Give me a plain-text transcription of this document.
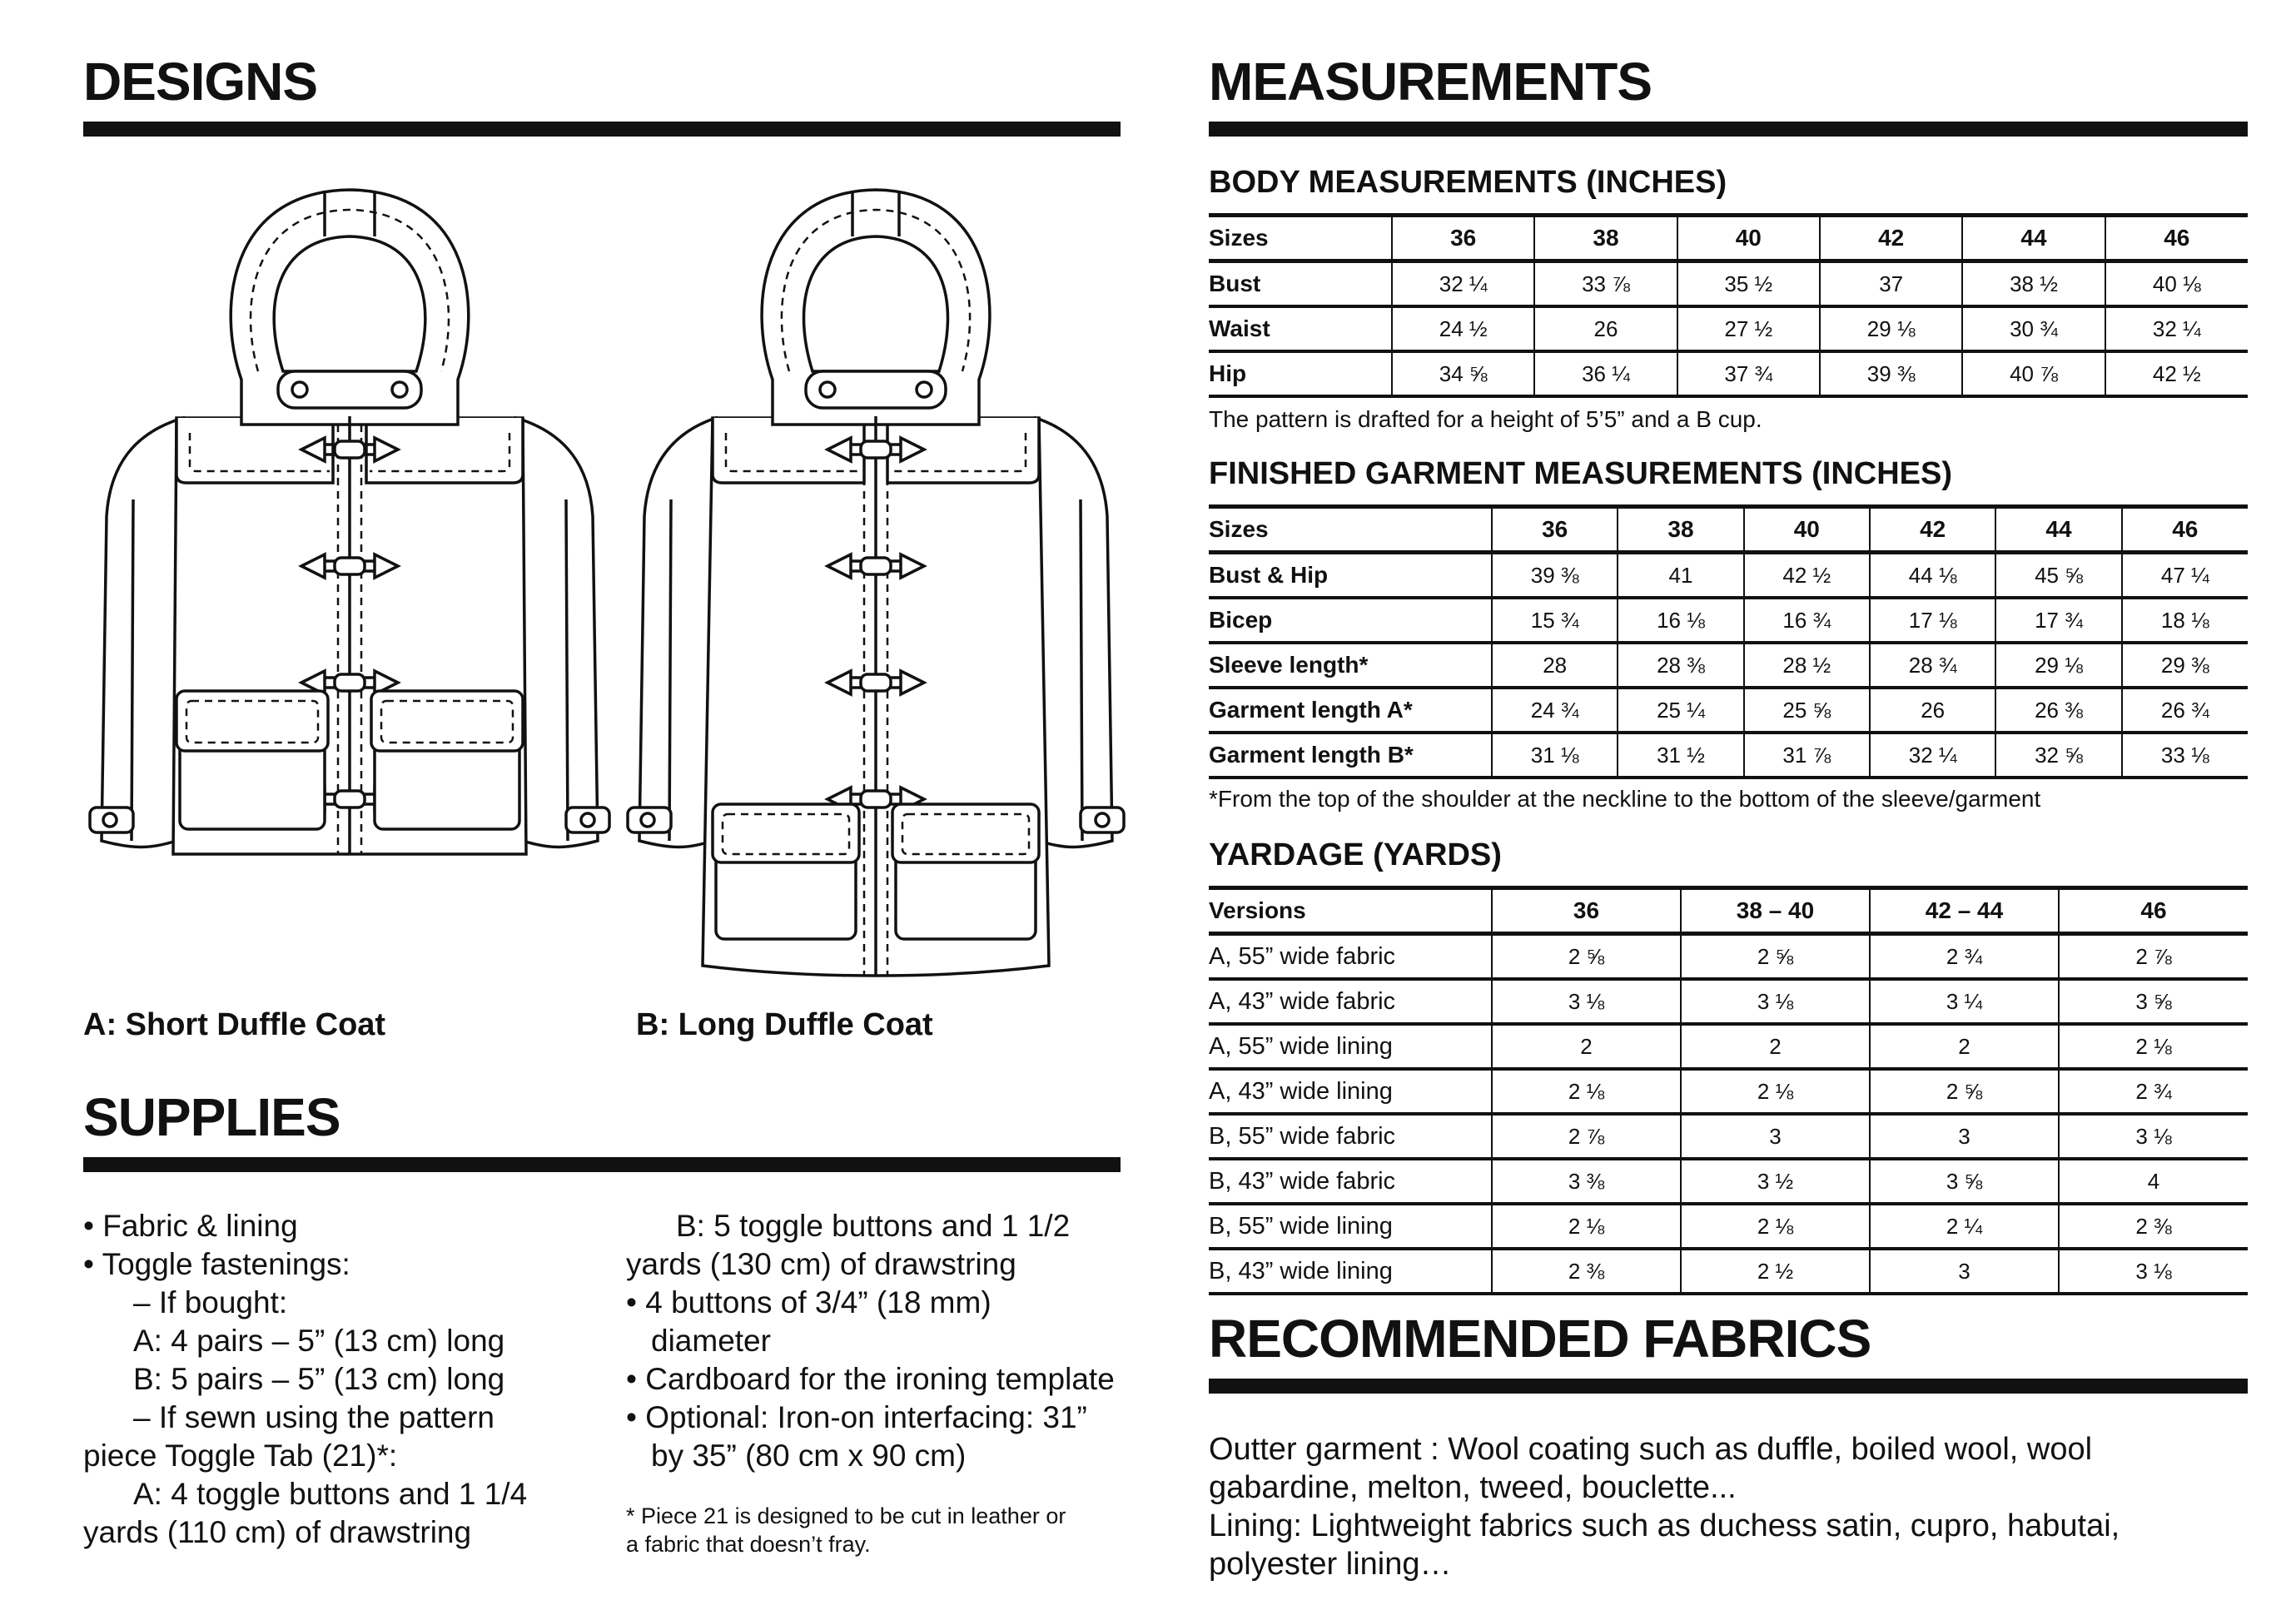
DESIGNS
A: Short Duffle Coat	B: Long Duffle Coat
SUPPLIES
• Fabric & lining
• Toggle fastenings:
– If bought:
A: 4 pairs – 5” (13 cm) long
B: 5 pairs – 5” (13 cm) long
– If sewn using the pattern
piece Toggle Tab (21)*:
A: 4 toggle buttons and 1 1/4
yards (110 cm) of drawstring
B: 5 toggle buttons and 1 1/2
yards (130 cm) of drawstring
• 4 buttons of 3/4” (18 mm)
diameter
• Cardboard for the ironing template
• Optional: Iron-on interfacing: 31”
by 35” (80 cm x 90 cm)
* Piece 21 is designed to be cut in leather or
a fabric that doesn’t fray.
MEASUREMENTS
BODY MEASUREMENTS (INCHES)
Sizes	36	38	40	42	44	46
Bust	32 ¼	33 ⅞	35 ½	37	38 ½	40 ⅛
Waist	24 ½	26	27 ½	29 ⅛	30 ¾	32 ¼
Hip	34 ⅝	36 ¼	37 ¾	39 ⅜	40 ⅞	42 ½
The pattern is drafted for a height of 5’5” and a B cup.
FINISHED GARMENT MEASUREMENTS (INCHES)
Sizes	36	38	40	42	44	46
Bust & Hip	39 ⅜	41	42 ½	44 ⅛	45 ⅝	47 ¼
Bicep	15 ¾	16 ⅛	16 ¾	17 ⅛	17 ¾	18 ⅛
Sleeve length*	28	28 ⅜	28 ½	28 ¾	29 ⅛	29 ⅜
Garment length A*	24 ¾	25 ¼	25 ⅝	26	26 ⅜	26 ¾
Garment length B*	31 ⅛	31 ½	31 ⅞	32 ¼	32 ⅝	33 ⅛
*From the top of the shoulder at the neckline to the bottom of the sleeve/garment
YARDAGE (YARDS)
Versions	36	38 – 40	42 – 44	46
A, 55” wide fabric	2 ⅝	2 ⅝	2 ¾	2 ⅞
A, 43” wide fabric	3 ⅛	3 ⅛	3 ¼	3 ⅝
A, 55” wide lining	2	2	2	2 ⅛
A, 43” wide lining	2 ⅛	2 ⅛	2 ⅝	2 ¾
B, 55” wide fabric	2 ⅞	3	3	3 ⅛
B, 43” wide fabric	3 ⅜	3 ½	3 ⅝	4
B, 55” wide lining	2 ⅛	2 ⅛	2 ¼	2 ⅜
B, 43” wide lining	2 ⅜	2 ½	3	3 ⅛
RECOMMENDED FABRICS

Outter garment : Wool coating such as duffle, boiled wool, wool gabardine, melton, tweed, bouclette...

Lining: Lightweight fabrics such as duchess satin, cupro, habutai, polyester lining…
